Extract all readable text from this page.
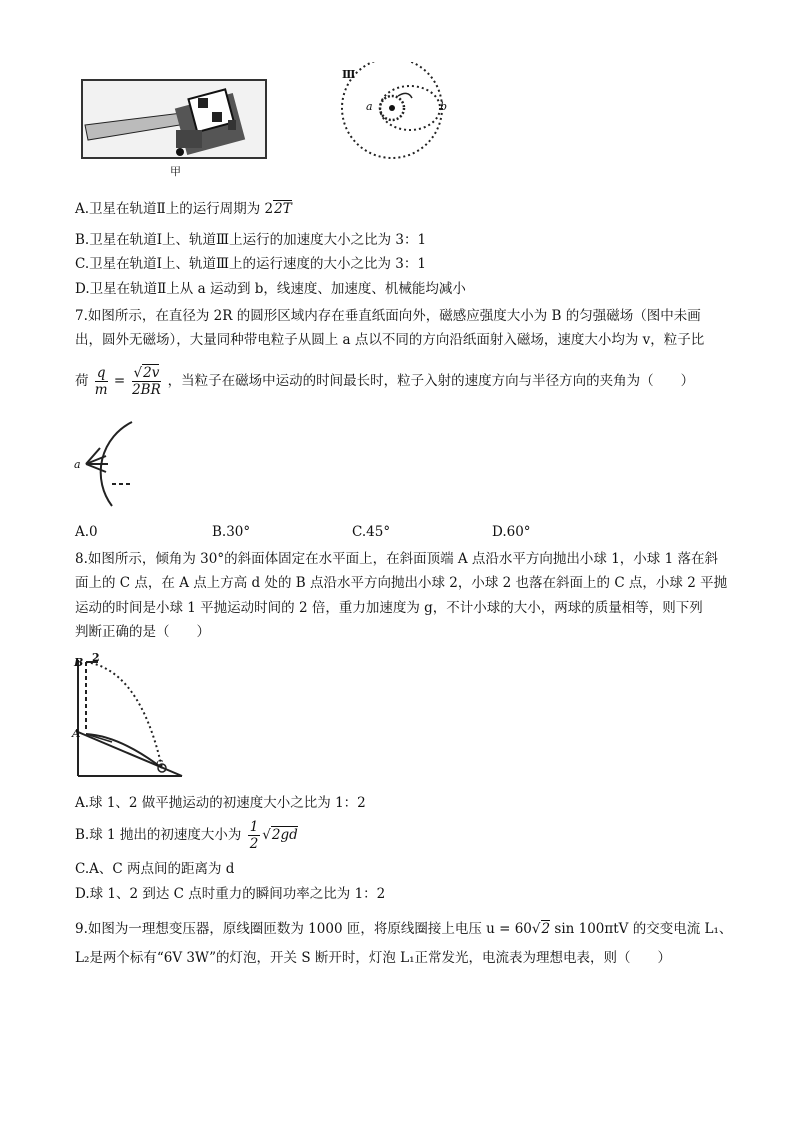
甲
Ⅲ
a	b
A.卫星在轨道Ⅱ上的运行周期为 22T
B.卫星在轨道Ⅰ上、轨道Ⅲ上运行的加速度大小之比为 3：1
C.卫星在轨道Ⅰ上、轨道Ⅲ上的运行速度的大小之比为 3：1
D.卫星在轨道Ⅱ上从 a 运动到 b，线速度、加速度、机械能均减小
7.如图所示，在直径为 2R 的圆形区域内存在垂直纸面向外，磁感应强度大小为 B 的匀强磁场（图中未画
出，圆外无磁场），大量同种带电粒子从圆上 a 点以不同的方向沿纸面射入磁场，速度大小均为 v，粒子比
荷 $\frac{q}{m} = \frac{√2v}{2BR}$ ，当粒子在磁场中运动的时间最长时，粒子入射的速度方向与半径方向的夹角为（　　）
a
A.0	B.30°	C.45°	D.60°
8.如图所示，倾角为 30°的斜面体固定在水平面上，在斜面顶端 A 点沿水平方向抛出小球 1，小球 1 落在斜
面上的 C 点，在 A 点上方高 d 处的 B 点沿水平方向抛出小球 2，小球 2 也落在斜面上的 C 点，小球 2 平抛
运动的时间是小球 1 平抛运动时间的 2 倍，重力加速度为 g，不计小球的大小，两球的质量相等，则下列
判断正确的是（　　）
B 2
A
C
A.球 1、2 做平抛运动的初速度大小之比为 1：2
B.球 1 抛出的初速度大小为 $\frac{1}{2} √2gd$
C.A、C 两点间的距离为 d
D.球 1、2 到达 C 点时重力的瞬间功率之比为 1：2
9.如图为一理想变压器，原线圈匝数为 1000 匝，将原线圈接上电压 u = 60√2 sin 100πtV 的交变电流 L₁、
L₂是两个标有“6V 3W”的灯泡，开关 S 断开时，灯泡 L₁正常发光，电流表为理想电表，则（　　）
